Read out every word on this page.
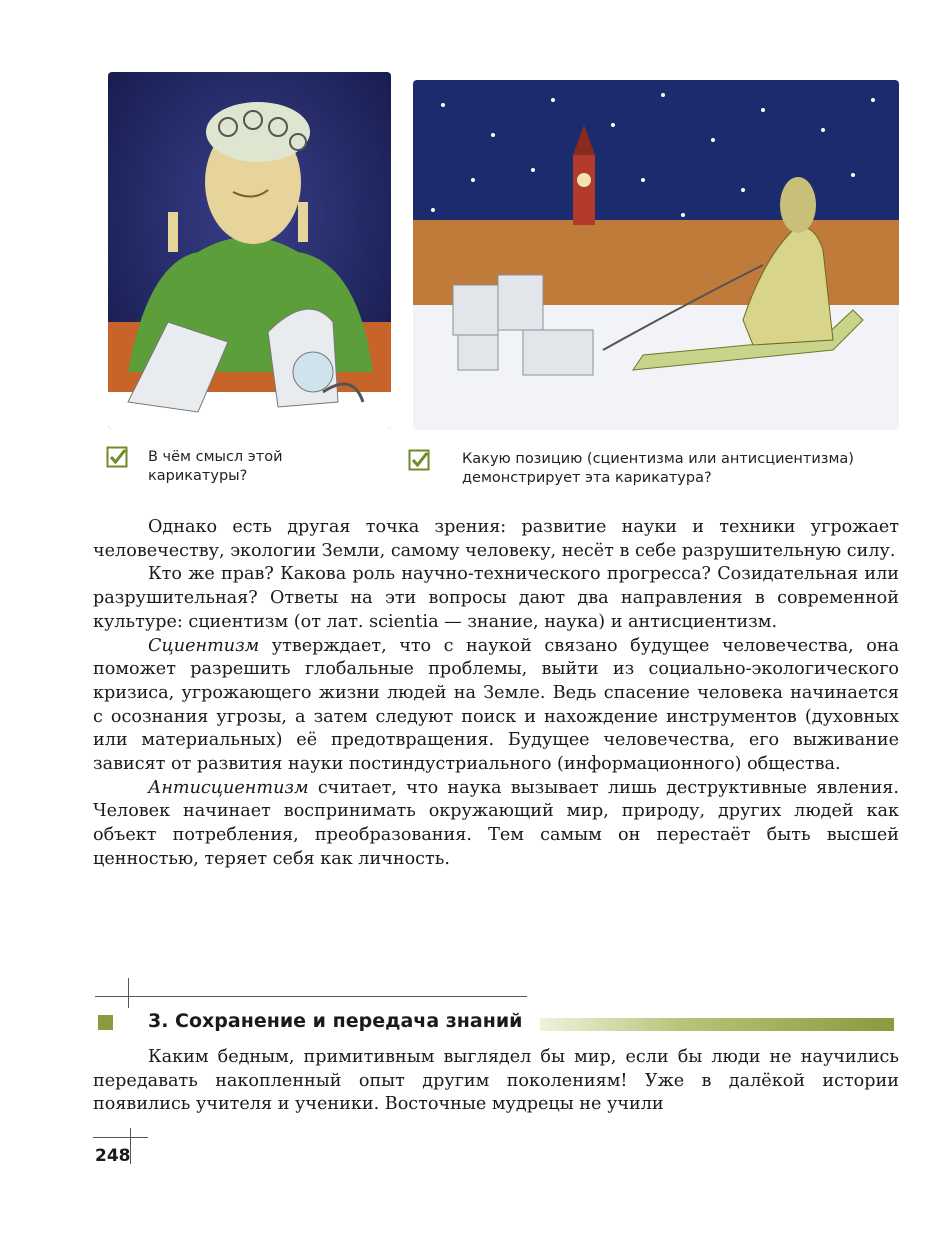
В чём смысл этой карикатуры?
Какую позицию (сциентизма или антисциентизма) демонстрирует эта карикатура?

Однако есть другая точка зрения: развитие науки и техники угрожает человечеству, экологии Земли, самому человеку, несёт в себе разрушительную силу.

Кто же прав? Какова роль научно-технического прогресса? Созидательная или разрушительная? Ответы на эти вопросы дают два направления в современной культуре: сциентизм (от лат. scientia — знание, наука) и антисциентизм.

Сциентизм утверждает, что с наукой связано будущее человечества, она поможет разрешить глобальные проблемы, выйти из социально-экологического кризиса, угрожающего жизни людей на Земле. Ведь спасение человека начинается с осознания угрозы, а затем следуют поиск и нахождение инструментов (духовных или материальных) её предотвращения. Будущее человечества, его выживание зависят от развития науки постиндустриального (информационного) общества.

Антисциентизм считает, что наука вызывает лишь деструктивные явления. Человек начинает воспринимать окружающий мир, природу, других людей как объект потребления, преобразования. Тем самым он перестаёт быть высшей ценностью, теряет себя как личность.

3. Сохранение и передача знаний

Каким бедным, примитивным выглядел бы мир, если бы люди не научились передавать накопленный опыт другим поколениям! Уже в далёкой истории появились учителя и ученики. Восточные мудрецы не учили

248
